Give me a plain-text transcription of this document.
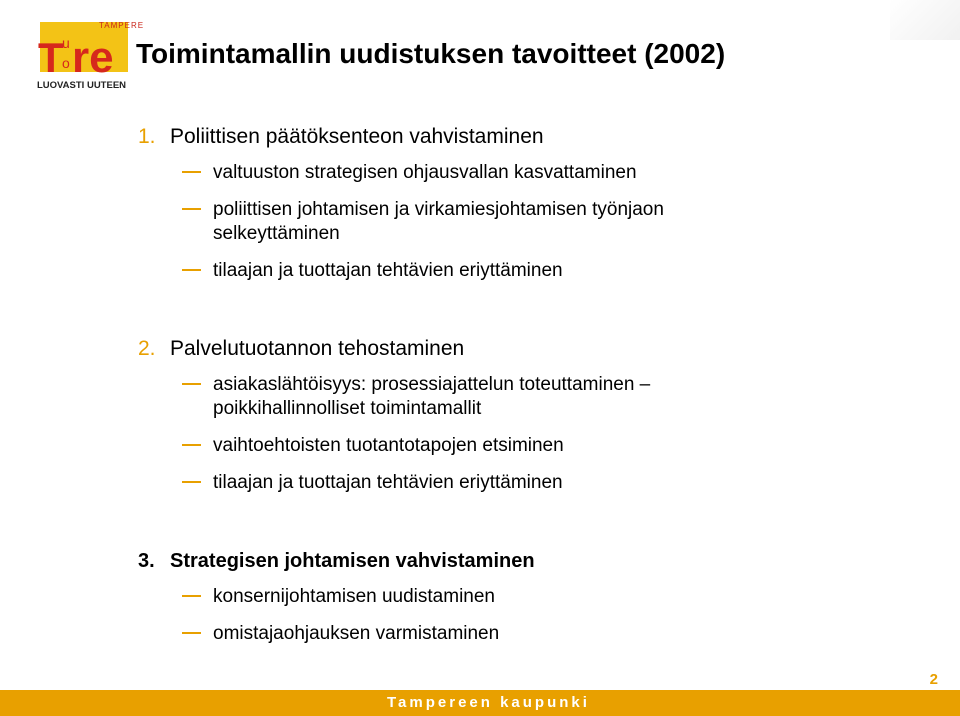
TAMPERE
T
u
o re
LUOVASTI UUTEEN
Toimintamallin uudistuksen tavoitteet (2002)
1. Poliittisen päätöksenteon vahvistaminen
valtuuston strategisen ohjausvallan kasvattaminen
poliittisen johtamisen ja virkamiesjohtamisen työnjaon
selkeyttäminen
tilaajan ja tuottajan tehtävien eriyttäminen
2. Palvelutuotannon tehostaminen
asiakaslähtöisyys: prosessiajattelun toteuttaminen –
poikkihallinnolliset toimintamallit
vaihtoehtoisten tuotantotapojen etsiminen
tilaajan ja tuottajan tehtävien eriyttäminen
3. Strategisen johtamisen vahvistaminen
konsernijohtamisen uudistaminen
omistajaohjauksen varmistaminen
2
Tampereen kaupunki
